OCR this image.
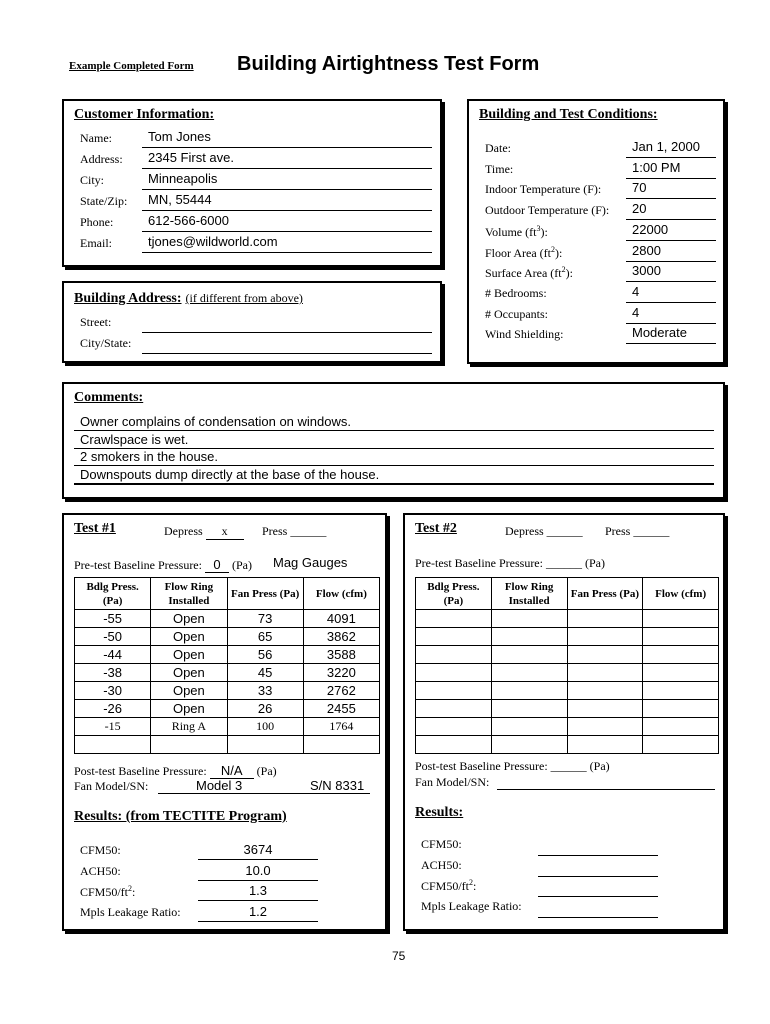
Example Completed Form Building Airtightness Test Form
Customer Information:
Name:	Tom Jones
Address: 2345 First ave.
City:	Minneapolis
State/Zip: MN, 55444
Phone:	612-566-6000
Email:	tjones@wildworld.com
Building Address: (if different from above)
Street:
City/State:
Building and Test Conditions:
Date:	Jan 1, 2000
Time:	1:00 PM
Indoor Temperature (F): 70
Outdoor Temperature (F): 20
Volume $(ft^3)$:	22000
Floor Area $(ft^2)$:	2800
Surface Area $(ft^2)$:	3000
# Bedrooms:	4
# Occupants:	4
Wind Shielding:	Moderate
Comments:
Owner complains of condensation on windows.
Crawlspace is wet.
2 smokers in the house.
Downspouts dump directly at the base of the house.
Test #1	Depress x	Press ______
Pre-test Baseline Pressure: 0 (Pa) Mag Gauges
Bdlg Press. (Pa)	Flow Ring Installed	Fan Press (Pa)	Flow (cfm)
-55	Open	73	4091
-50	Open	65	3862
-44	Open	56	3588
-38	Open	45	3220
-30	Open	33	2762
-26	Open	26	2455
-15	Ring A	100	1764

Post-test Baseline Pressure: N/A (Pa)
Fan Model/SN:	Model 3	S/N 8331
Results: (from TECTITE Program)
CFM50:	3674
ACH50:	10.0
$CFM50/ft^2$:	1.3
Mpls Leakage Ratio:	1.2
Test #2	Depress ______ Press ______
Pre-test Baseline Pressure: ______ (Pa)
Bdlg Press. (Pa)	Flow Ring Installed	Fan Press (Pa)	Flow (cfm)

Post-test Baseline Pressure: ______ (Pa)
Fan Model/SN:
Results:
CFM50:
ACH50:
$CFM50/ft^2$:
Mpls Leakage Ratio:
75
